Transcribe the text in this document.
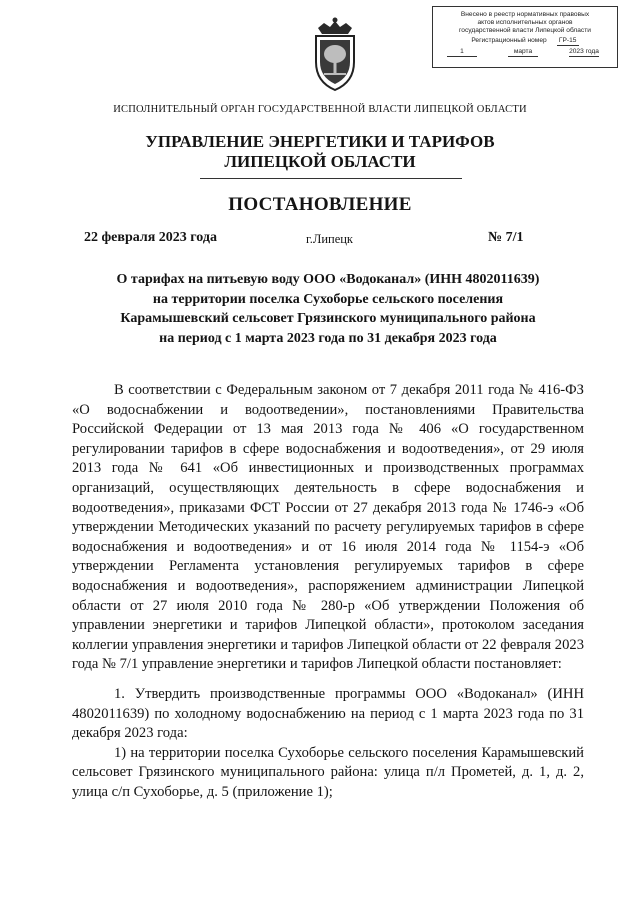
Внесено в реестр нормативных правовых
актов исполнительных органов
государственной власти Липецкой области
Регистрационный номер	ГР-15
1	марта	2023 года
ИСПОЛНИТЕЛЬНЫЙ ОРГАН ГОСУДАРСТВЕННОЙ ВЛАСТИ ЛИПЕЦКОЙ ОБЛАСТИ
УПРАВЛЕНИЕ ЭНЕРГЕТИКИ И ТАРИФОВ
ЛИПЕЦКОЙ ОБЛАСТИ
ПОСТАНОВЛЕНИЕ
22 февраля 2023 года	г.Липецк	№ 7/1
О тарифах на питьевую воду ООО «Водоканал» (ИНН 4802011639)
на территории поселка Сухоборье сельского поселения
Карамышевский сельсовет Грязинского муниципального района
на период с 1 марта 2023 года по 31 декабря 2023 года

В соответствии с Федеральным законом от 7 декабря 2011 года № 416-ФЗ «О водоснабжении и водоотведении», постановлениями Правительства Российской Федерации от 13 мая 2013 года № 406 «О государственном регулировании тарифов в сфере водоснабжения и водоотведения», от 29 июля 2013 года № 641 «Об инвестиционных и производственных программах организаций, осуществляющих деятельность в сфере водоснабжения и водоотведения», приказами ФСТ России от 27 декабря 2013 года № 1746-э «Об утверждении Методических указаний по расчету регулируемых тарифов в сфере водоснабжения и водоотведения» и от 16 июля 2014 года № 1154-э «Об утверждении Регламента установления регулируемых тарифов в сфере водоснабжения и водоотведения», распоряжением администрации Липецкой области от 27 июля 2010 года № 280-р «Об утверждении Положения об управлении энергетики и тарифов Липецкой области», протоколом заседания коллегии управления энергетики и тарифов Липецкой области от 22 февраля 2023 года № 7/1 управление энергетики и тарифов Липецкой области постановляет:

1. Утвердить производственные программы ООО «Водоканал» (ИНН 4802011639) по холодному водоснабжению на период с 1 марта 2023 года по 31 декабря 2023 года:

1) на территории поселка Сухоборье сельского поселения Карамышевский сельсовет Грязинского муниципального района: улица п/л Прометей, д. 1, д. 2, улица с/п Сухоборье, д. 5 (приложение 1);
